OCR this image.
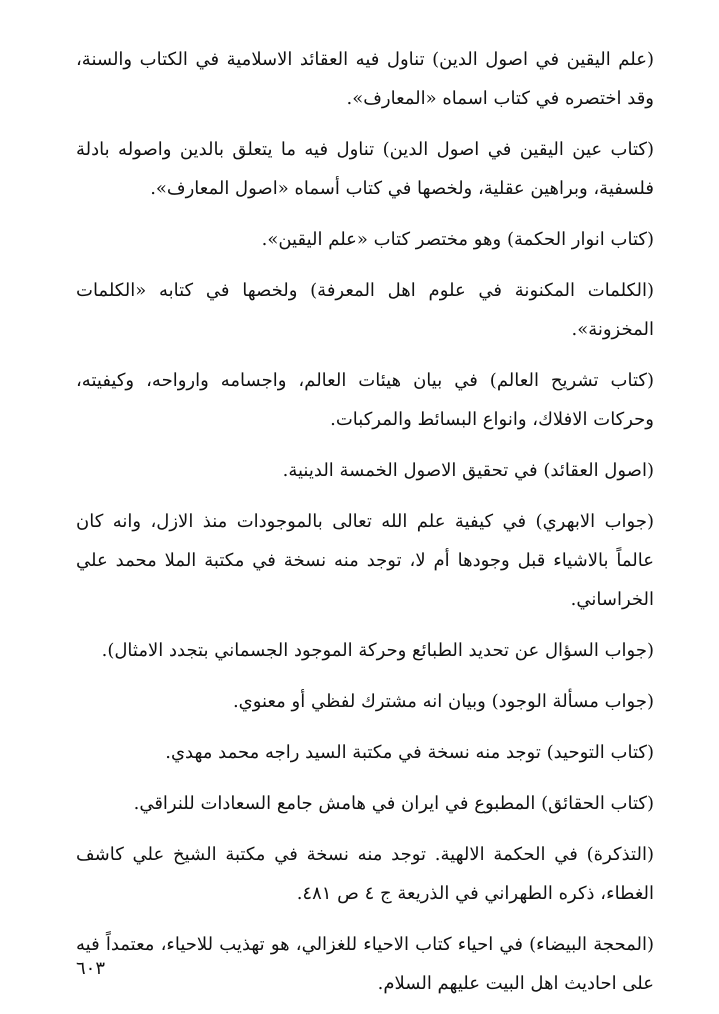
(علم اليقين في اصول الدين) تناول فيه العقائد الاسلامية في الكتاب والسنة، وقد اختصره في كتاب اسماه «المعارف».

(كتاب عين اليقين في اصول الدين) تناول فيه ما يتعلق بالدين واصوله بادلة فلسفية، وبراهين عقلية، ولخصها في كتاب أسماه «اصول المعارف».

(كتاب انوار الحكمة) وهو مختصر كتاب «علم اليقين».

(الكلمات المكنونة في علوم اهل المعرفة) ولخصها في كتابه «الكلمات المخزونة».

(كتاب تشريح العالم) في بيان هيئات العالم، واجسامه وارواحه، وكيفيته، وحركات الافلاك، وانواع البسائط والمركبات.

(اصول العقائد) في تحقيق الاصول الخمسة الدينية.

(جواب الابهري) في كيفية علم الله تعالى بالموجودات منذ الازل، وانه كان عالماً بالاشياء قبل وجودها أم لا، توجد منه نسخة في مكتبة الملا محمد علي الخراساني.

(جواب السؤال عن تحديد الطبائع وحركة الموجود الجسماني بتجدد الامثال).

(جواب مسألة الوجود) وبيان انه مشترك لفظي أو معنوي.

(كتاب التوحيد) توجد منه نسخة في مكتبة السيد راجه محمد مهدي.

(كتاب الحقائق) المطبوع في ايران في هامش جامع السعادات للنراقي.

(التذكرة) في الحكمة الالهية. توجد منه نسخة في مكتبة الشيخ علي كاشف الغطاء، ذكره الطهراني في الذريعة ج ٤ ص ٤٨١.

(المحجة البيضاء) في احياء كتاب الاحياء للغزالي، هو تهذيب للاحياء، معتمداً فيه على احاديث اهل البيت عليهم السلام.

٦٠٣
